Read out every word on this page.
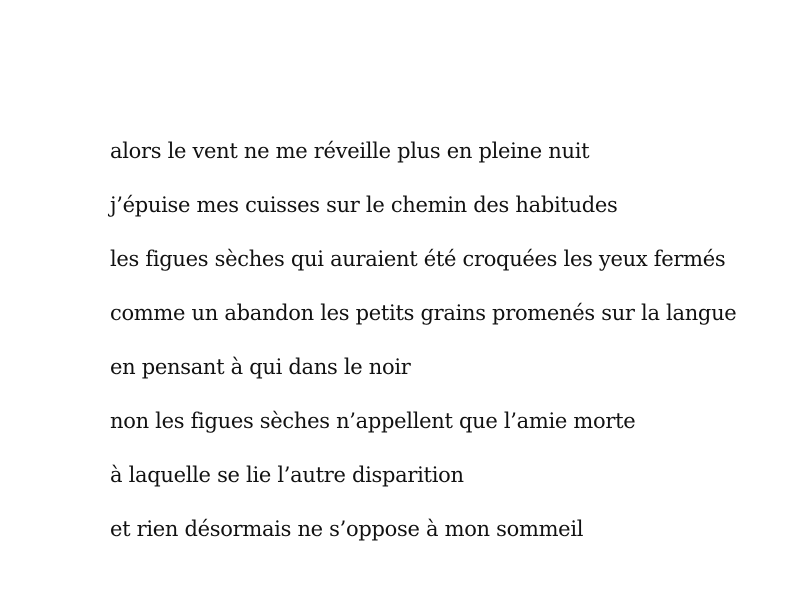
alors le vent ne me réveille plus en pleine nuit
j’épuise mes cuisses sur le chemin des habitudes
les figues sèches qui auraient été croquées les yeux fermés
comme un abandon les petits grains promenés sur la langue
en pensant à qui dans le noir
non les figues sèches n’appellent que l’amie morte
à laquelle se lie l’autre disparition
et rien désormais ne s’oppose à mon sommeil
